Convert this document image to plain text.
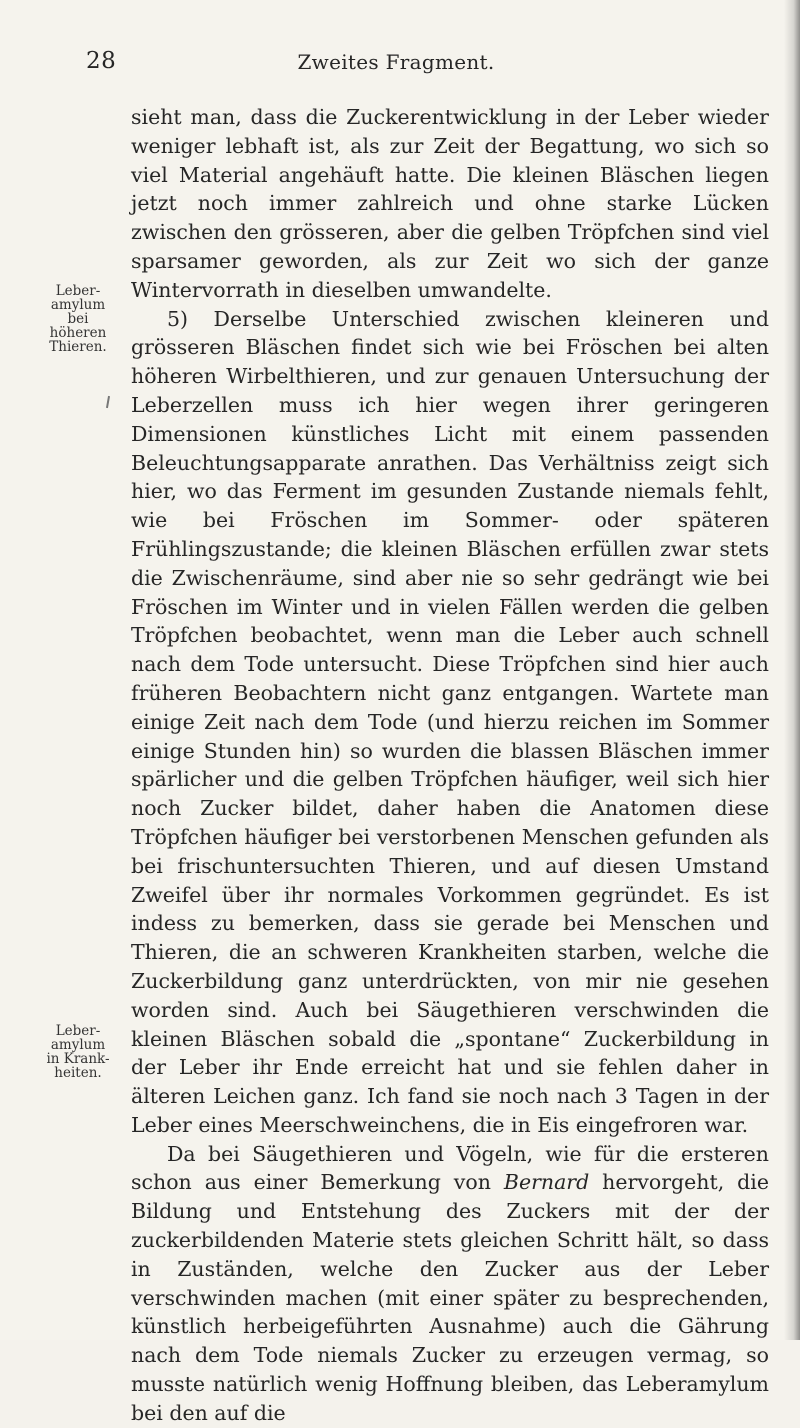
28	Zweites Fragment.
Leber-
amylum
bei höheren
Thieren.
Leber-
amylum
in Krank-
heiten.

sieht man, dass die Zuckerentwicklung in der Leber wieder weniger lebhaft ist, als zur Zeit der Begattung, wo sich so viel Material angehäuft hatte. Die kleinen Bläschen liegen jetzt noch immer zahlreich und ohne starke Lücken zwischen den grösseren, aber die gelben Tröpfchen sind viel sparsamer geworden, als zur Zeit wo sich der ganze Wintervorrath in dieselben umwandelte.

5) Derselbe Unterschied zwischen kleineren und grösseren Bläschen findet sich wie bei Fröschen bei alten höheren Wirbelthieren, und zur genauen Untersuchung der Leberzellen muss ich hier wegen ihrer geringeren Dimensionen künstliches Licht mit einem passenden Beleuchtungsapparate anrathen. Das Verhältniss zeigt sich hier, wo das Ferment im gesunden Zustande niemals fehlt, wie bei Fröschen im Sommer- oder späteren Frühlingszustande; die kleinen Bläschen erfüllen zwar stets die Zwischenräume, sind aber nie so sehr gedrängt wie bei Fröschen im Winter und in vielen Fällen werden die gelben Tröpfchen beobachtet, wenn man die Leber auch schnell nach dem Tode untersucht. Diese Tröpfchen sind hier auch früheren Beobachtern nicht ganz entgangen. Wartete man einige Zeit nach dem Tode (und hierzu reichen im Sommer einige Stunden hin) so wurden die blassen Bläschen immer spärlicher und die gelben Tröpfchen häufiger, weil sich hier noch Zucker bildet, daher haben die Anatomen diese Tröpfchen häufiger bei verstorbenen Menschen gefunden als bei frischuntersuchten Thieren, und auf diesen Umstand Zweifel über ihr normales Vorkommen gegründet. Es ist indess zu bemerken, dass sie gerade bei Menschen und Thieren, die an schweren Krankheiten starben, welche die Zuckerbildung ganz unterdrückten, von mir nie gesehen worden sind. Auch bei Säugethieren verschwinden die kleinen Bläschen sobald die „spontane“ Zuckerbildung in der Leber ihr Ende erreicht hat und sie fehlen daher in älteren Leichen ganz. Ich fand sie noch nach 3 Tagen in der Leber eines Meerschweinchens, die in Eis eingefroren war.

Da bei Säugethieren und Vögeln, wie für die ersteren schon aus einer Bemerkung von Bernard hervorgeht, die Bildung und Entstehung des Zuckers mit der der zuckerbildenden Materie stets gleichen Schritt hält, so dass in Zuständen, welche den Zucker aus der Leber verschwinden machen (mit einer später zu besprechenden, künstlich herbeigeführten Ausnahme) auch die Gährung nach dem Tode niemals Zucker zu erzeugen vermag, so musste natürlich wenig Hoffnung bleiben, das Leberamylum bei den auf die
